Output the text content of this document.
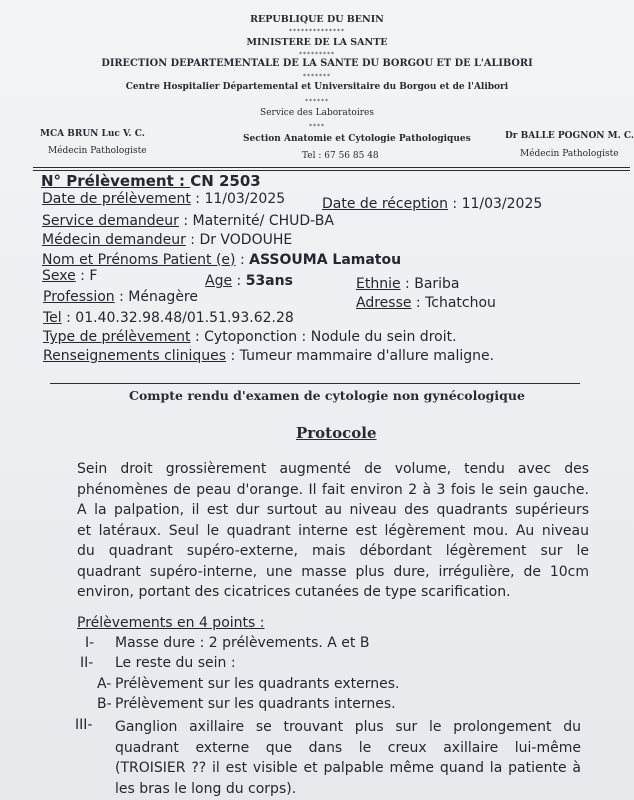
REPUBLIQUE DU BENIN
**************
MINISTERE DE LA SANTE
*********
DIRECTION DEPARTEMENTALE DE LA SANTE DU BORGOU ET DE L'ALIBORI
*******
Centre Hospitalier Départemental et Universitaire du Borgou et de l'Alibori
******
Service des Laboratoires
****
MCA BRUN Luc V. C.
Médecin Pathologiste
Section Anatomie et Cytologie Pathologiques
Tel : 67 56 85 48
Dr BALLE POGNON M. C.
Médecin Pathologiste
N° Prélèvement : CN 2503
Date de prélèvement : 11/03/2025	Date de réception : 11/03/2025
Service demandeur : Maternité/ CHUD-BA
Médecin demandeur : Dr VODOUHE
Nom et Prénoms Patient (e) : ASSOUMA Lamatou
Sexe : F	Age : 53ans	Ethnie : Bariba
Profession : Ménagère	Adresse : Tchatchou
Tel : 01.40.32.98.48/01.51.93.62.28
Type de prélèvement : Cytoponction : Nodule du sein droit.
Renseignements cliniques : Tumeur mammaire d'allure maligne.
Compte rendu d'examen de cytologie non gynécologique
Protocole
Sein droit grossièrement augmenté de volume, tendu avec des
phénomènes de peau d'orange. Il fait environ 2 à 3 fois le sein gauche.
A la palpation, il est dur surtout au niveau des quadrants supérieurs
et latéraux. Seul le quadrant interne est légèrement mou. Au niveau
du quadrant supéro-externe, mais débordant légèrement sur le
quadrant supéro-interne, une masse plus dure, irrégulière, de 10cm
environ, portant des cicatrices cutanées de type scarification.
Prélèvements en 4 points :
I- Masse dure : 2 prélèvements. A et B
II- Le reste du sein :
A- Prélèvement sur les quadrants externes.
B- Prélèvement sur les quadrants internes.
III- Ganglion axillaire se trouvant plus sur le prolongement du
quadrant externe que dans le creux axillaire lui-même
(TROISIER ?? il est visible et palpable même quand la patiente à
les bras le long du corps).
